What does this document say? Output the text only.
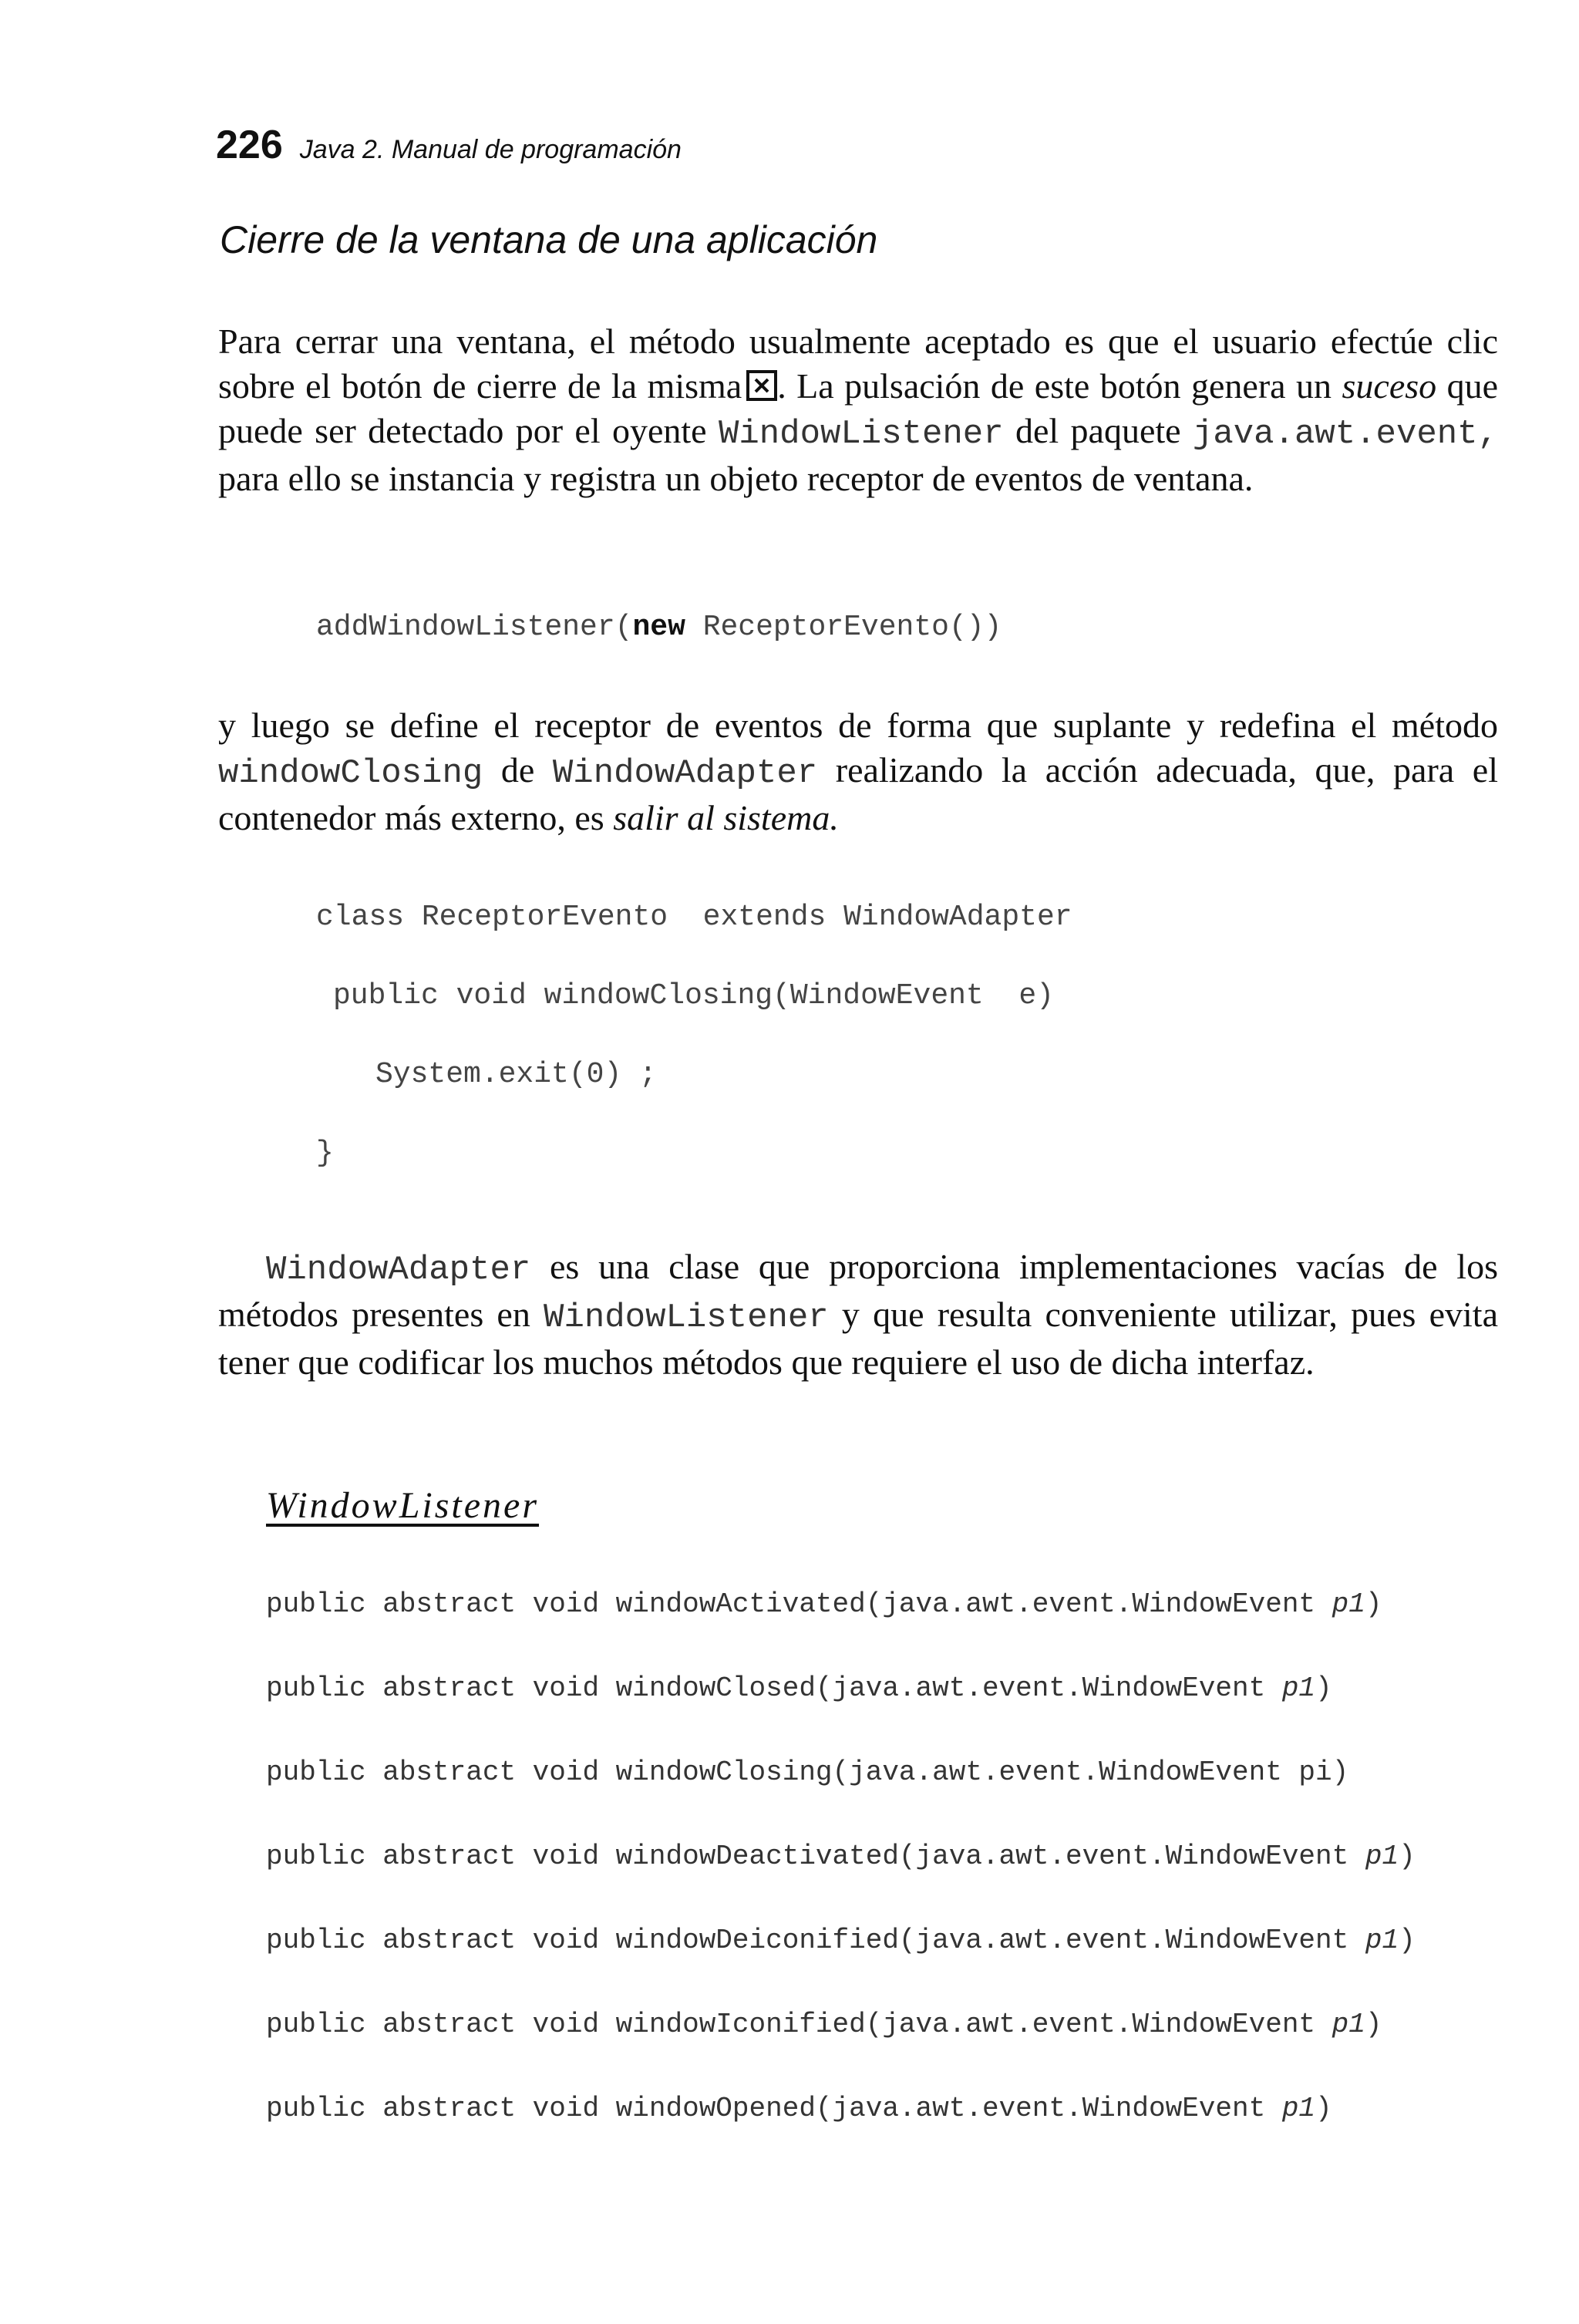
226 Java 2. Manual de programación
Cierre de la ventana de una aplicación
Para cerrar una ventana, el método usualmente aceptado es que el usuario efectúe clic sobre el botón de cierre de la misma . La pulsación de este botón genera un suceso que puede ser detectado por el oyente WindowListener del paquete java.awt.event, para ello se instancia y registra un objeto receptor de eventos de ventana.
addWindowListener(new ReceptorEvento())
y luego se define el receptor de eventos de forma que suplante y redefina el método windowClosing de WindowAdapter realizando la acción adecuada, que, para el contenedor más externo, es salir al sistema.
class ReceptorEvento  extends WindowAdapter
public void windowClosing(WindowEvent  e)
System.exit(0) ;
}
WindowAdapter es una clase que proporciona implementaciones vacías de los métodos presentes en WindowListener y que resulta conveniente utilizar, pues evita tener que codificar los muchos métodos que requiere el uso de dicha interfaz.
WindowListener
public abstract void windowActivated(java.awt.event.WindowEvent p1)
public abstract void windowClosed(java.awt.event.WindowEvent p1)
public abstract void windowClosing(java.awt.event.WindowEvent pi)
public abstract void windowDeactivated(java.awt.event.WindowEvent p1)
public abstract void windowDeiconified(java.awt.event.WindowEvent p1)
public abstract void windowIconified(java.awt.event.WindowEvent p1)
public abstract void windowOpened(java.awt.event.WindowEvent p1)
